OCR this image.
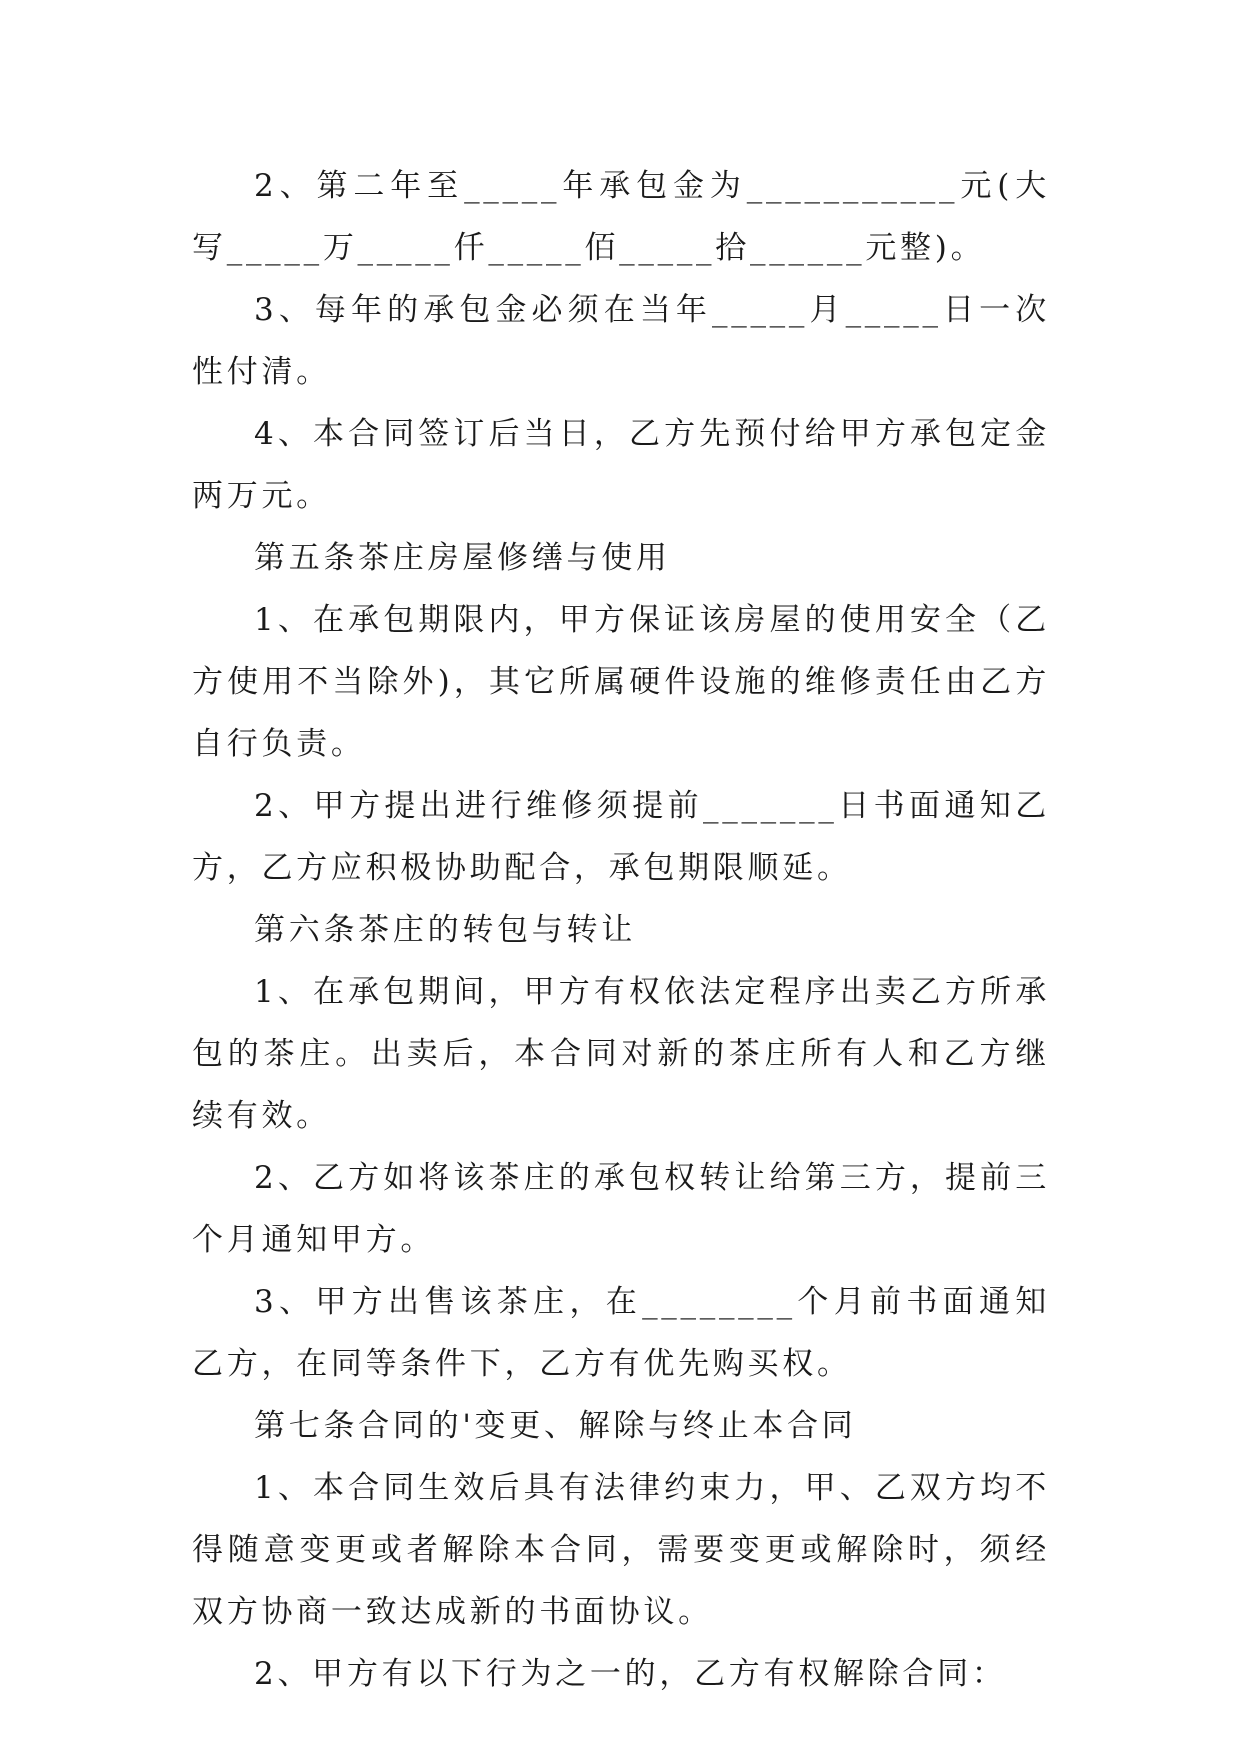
2、第二年至_____年承包金为___________元(大写_____万_____仟_____佰_____拾______元整)。

3、每年的承包金必须在当年_____月_____日一次性付清。

4、本合同签订后当日，乙方先预付给甲方承包定金两万元。

第五条茶庄房屋修缮与使用

1、在承包期限内，甲方保证该房屋的使用安全（乙方使用不当除外)，其它所属硬件设施的维修责任由乙方自行负责。

2、甲方提出进行维修须提前_______日书面通知乙方，乙方应积极协助配合，承包期限顺延。

第六条茶庄的转包与转让

1、在承包期间，甲方有权依法定程序出卖乙方所承包的茶庄。出卖后，本合同对新的茶庄所有人和乙方继续有效。

2、乙方如将该茶庄的承包权转让给第三方，提前三个月通知甲方。

3、甲方出售该茶庄，在________个月前书面通知乙方，在同等条件下，乙方有优先购买权。

第七条合同的'变更、解除与终止本合同

1、本合同生效后具有法律约束力，甲、乙双方均不得随意变更或者解除本合同，需要变更或解除时，须经双方协商一致达成新的书面协议。

2、甲方有以下行为之一的，乙方有权解除合同：
